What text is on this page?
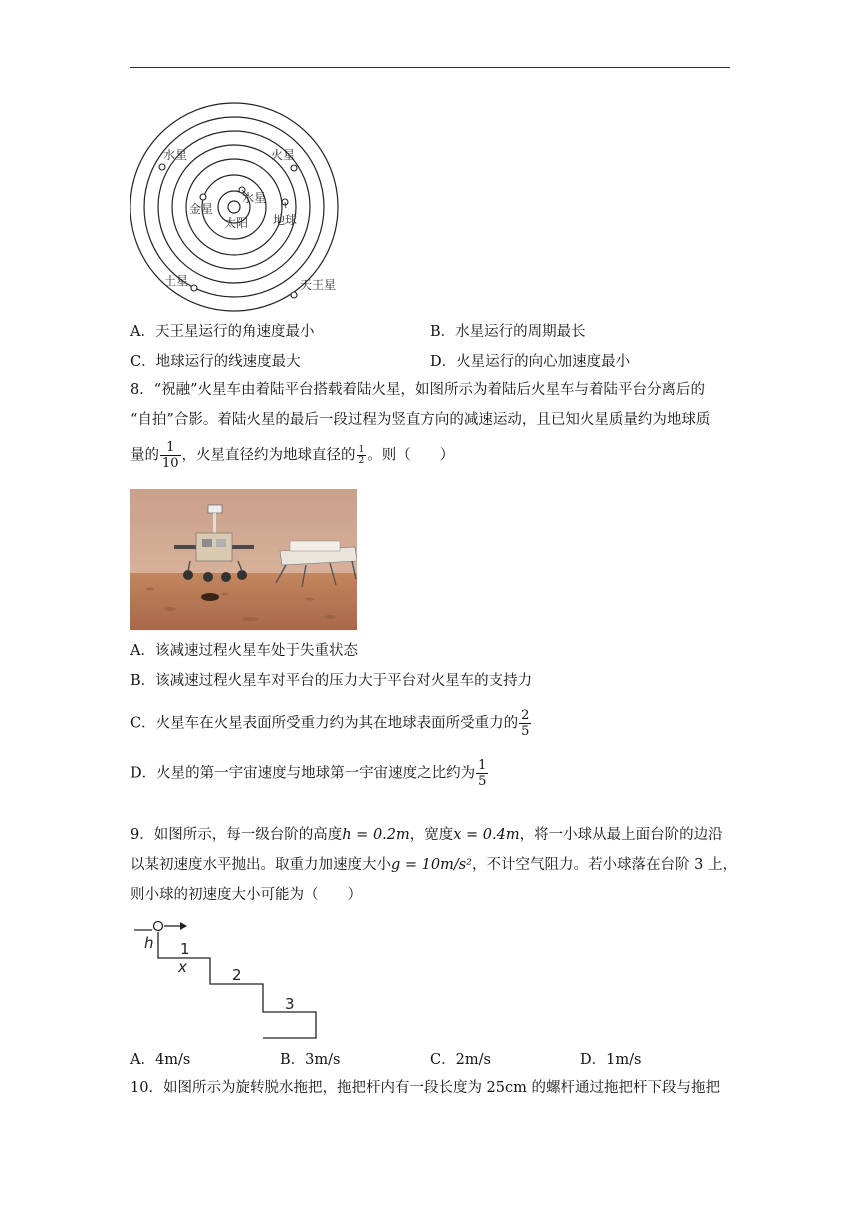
水星	火星
水星
金星
太阳 地球
土星	天王星
A．天王星运行的角速度最小	B．水星运行的周期最长
C．地球运行的线速度最大	D．火星运行的向心加速度最小
8．“祝融”火星车由着陆平台搭载着陆火星，如图所示为着陆后火星车与着陆平台分离后的
“自拍”合影。着陆火星的最后一段过程为竖直方向的减速运动，且已知火星质量约为地球质
量的 $\frac{1}{10}$ ，火星直径约为地球直径的 $\frac{1}{2}$ 。则（　　）
A．该减速过程火星车处于失重状态
B．该减速过程火星车对平台的压力大于平台对火星车的支持力
C．火星车在火星表面所受重力约为其在地球表面所受重力的 $\frac{2}{5}$
D．火星的第一宇宙速度与地球第一宇宙速度之比约为 $\frac{1}{5}$
9．如图所示，每一级台阶的高度h = 0.2m，宽度x = 0.4m，将一小球从最上面台阶的边沿
以某初速度水平抛出。取重力加速度大小g = 10m/s²，不计空气阻力。若小球落在台阶 3 上，
则小球的初速度大小可能为（　　）
h 1
x	2
3
A．4m/s	B．3m/s	C．2m/s	D．1m/s
10．如图所示为旋转脱水拖把，拖把杆内有一段长度为 25cm 的螺杆通过拖把杆下段与拖把
